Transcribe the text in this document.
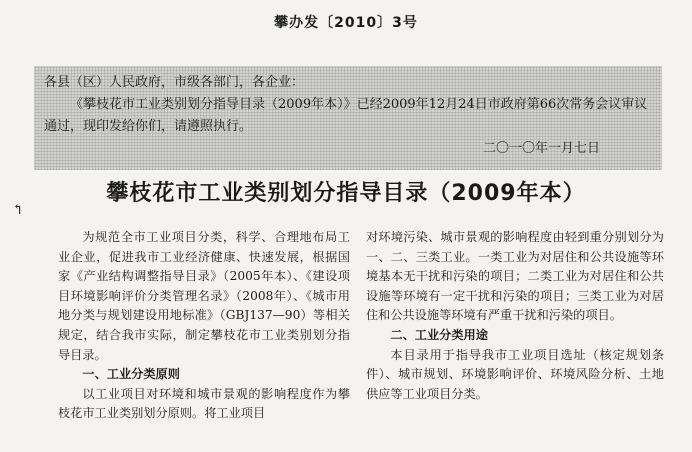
攀办发〔2010〕3号

各县（区）人民政府，市级各部门，各企业：

《攀枝花市工业类别划分指导目录（2009年本）》已经2009年12月24日市政府第66次常务会议审议通过，现印发给你们，请遵照执行。

二〇一〇年一月七日

↰
攀枝花市工业类别划分指导目录（2009年本）

为规范全市工业项目分类，科学、合理地布局工业企业，促进我市工业经济健康、快速发展，根据国家《产业结构调整指导目录》（2005年本）、《建设项目环境影响评价分类管理名录》（2008年）、《城市用地分类与规划建设用地标准》（GBJ137—90）等相关规定，结合我市实际，制定攀枝花市工业类别划分指导目录。

一、工业分类原则

以工业项目对环境和城市景观的影响程度作为攀枝花市工业类别划分原则。将工业项目

对环境污染、城市景观的影响程度由轻到重分别划分为一、二、三类工业。一类工业为对居住和公共设施等环境基本无干扰和污染的项目；二类工业为对居住和公共设施等环境有一定干扰和污染的项目；三类工业为对居住和公共设施等环境有严重干扰和污染的项目。

二、工业分类用途

本目录用于指导我市工业项目选址（核定规划条件）、城市规划、环境影响评价、环境风险分析、土地供应等工业项目分类。
